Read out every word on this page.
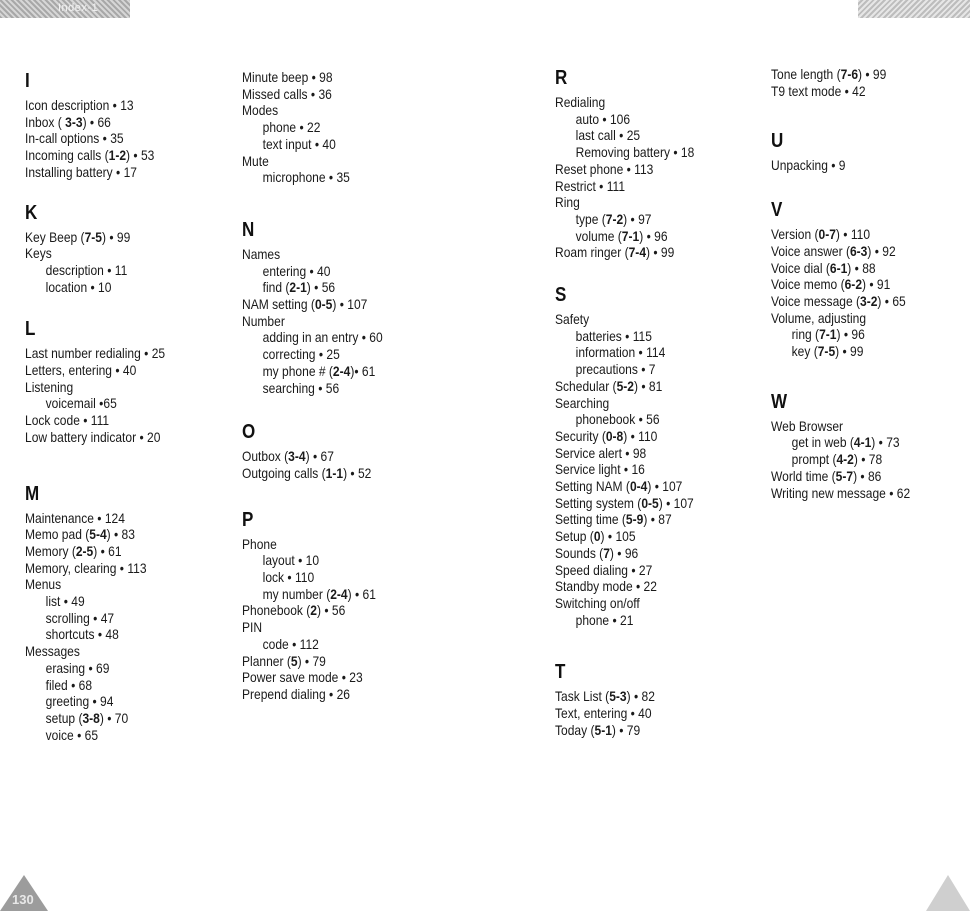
Index-1
I
Icon description • 13
Inbox ( 3-3) • 66
In-call options • 35
Incoming calls (1-2) • 53
Installing battery • 17
K
Key Beep (7-5) • 99
Keys
description • 11
location • 10
L
Last number redialing • 25
Letters, entering • 40
Listening
voicemail •65
Lock code • 111
Low battery indicator • 20
M
Maintenance • 124
Memo pad (5-4) • 83
Memory (2-5) • 61
Memory, clearing • 113
Menus
list • 49
scrolling • 47
shortcuts • 48
Messages
erasing • 69
filed • 68
greeting • 94
setup (3-8) • 70
voice • 65
Minute beep • 98
Missed calls • 36
Modes
phone • 22
text input • 40
Mute
microphone • 35
N
Names
entering • 40
find (2-1) • 56
NAM setting (0-5) • 107
Number
adding in an entry • 60
correcting • 25
my phone # (2-4)• 61
searching • 56
O
Outbox (3-4) • 67
Outgoing calls (1-1) • 52
P
Phone
layout • 10
lock • 110
my number (2-4) • 61
Phonebook (2) • 56
PIN
code • 112
Planner (5) • 79
Power save mode • 23
Prepend dialing • 26
R
Redialing
auto • 106
last call • 25
Removing battery • 18
Reset phone • 113
Restrict • 111
Ring
type (7-2) • 97
volume (7-1) • 96
Roam ringer (7-4) • 99
S
Safety
batteries • 115
information • 114
precautions • 7
Schedular (5-2) • 81
Searching
phonebook • 56
Security (0-8) • 110
Service alert • 98
Service light • 16
Setting NAM (0-4) • 107
Setting system (0-5) • 107
Setting time (5-9) • 87
Setup (0) • 105
Sounds (7) • 96
Speed dialing • 27
Standby mode • 22
Switching on/off
phone • 21
T
Task List (5-3) • 82
Text, entering • 40
Today (5-1) • 79
Tone length (7-6) • 99
T9 text mode • 42
U
Unpacking • 9
V
Version (0-7) • 110
Voice answer (6-3) • 92
Voice dial (6-1) • 88
Voice memo (6-2) • 91
Voice message (3-2) • 65
Volume, adjusting
ring (7-1) • 96
key (7-5) • 99
W
Web Browser
get in web (4-1) • 73
prompt (4-2) • 78
World time (5-7) • 86
Writing new message • 62
130
